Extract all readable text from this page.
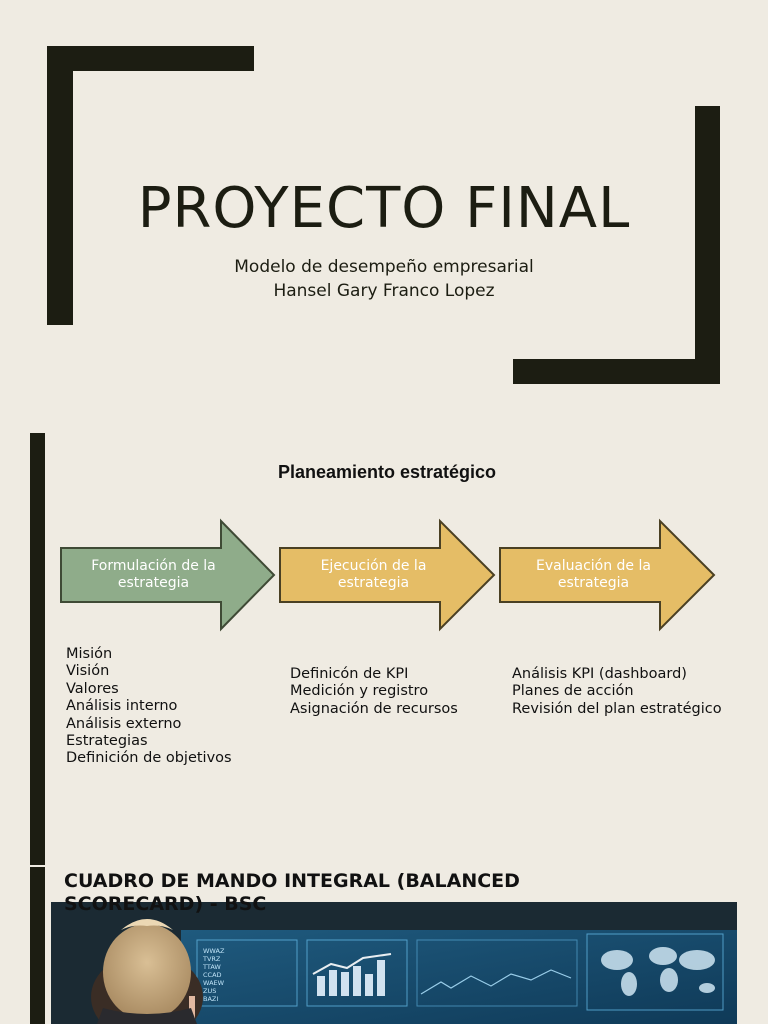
PROYECTO FINAL
Modelo de desempeño empresarial
Hansel Gary Franco Lopez
Planeamiento estratégico
Formulación de la
estrategia
Ejecución de la
estrategia
Evaluación de la
estrategia
Misión
Visión
Valores
Análisis interno
Análisis externo
Estrategias
Definición de objetivos
Definicón de KPI
Medición y registro
Asignación de recursos
Análisis KPI (dashboard)
Planes de acción
Revisión del plan estratégico
WWAZ
TVRZ
TTAW
CCAD
WAEW
ZUS
BAZI
CUADRO DE MANDO INTEGRAL (BALANCED
SCORECARD) - BSC
